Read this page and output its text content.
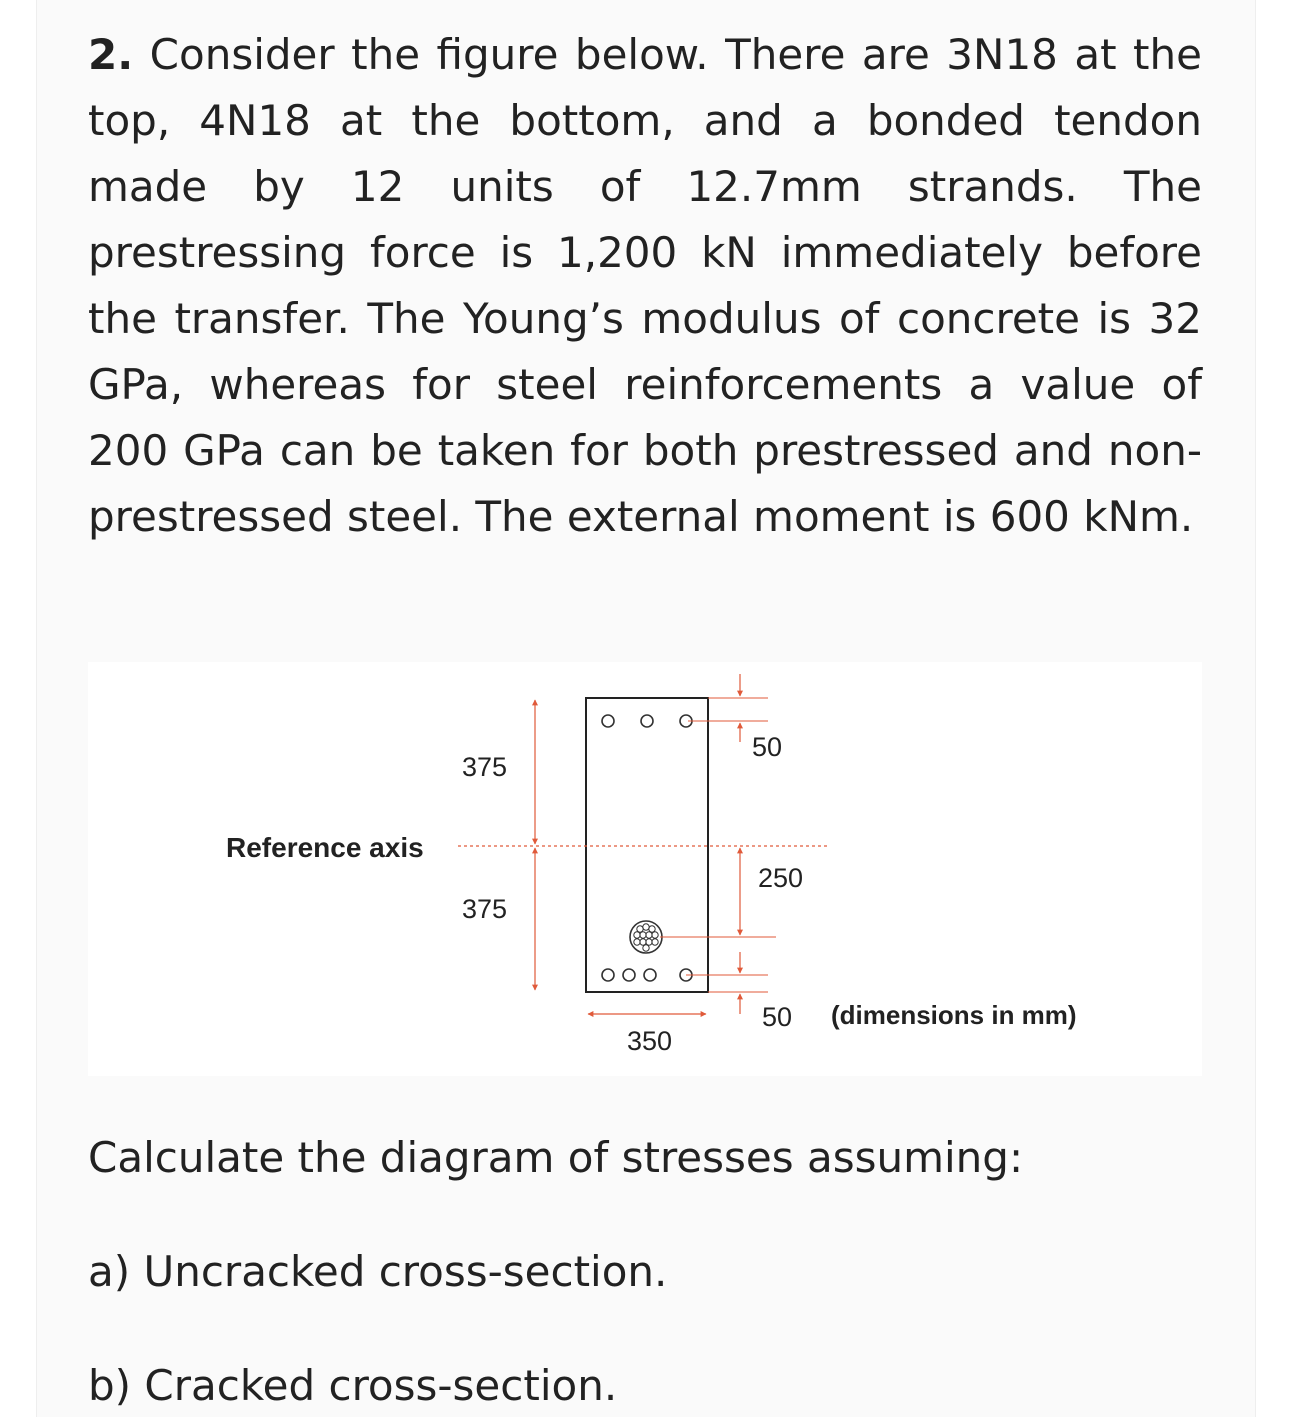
2. Consider the figure below. There are 3N18 at the top, 4N18 at the bottom, and a bonded tendon made by 12 units of 12.7mm strands. The prestressing force is 1,200 kN immediately before the transfer. The Young’s modulus of concrete is 32 GPa, whereas for steel reinforcements a value of 200 GPa can be taken for both prestressed and non-prestressed steel. The external moment is 600 kNm.

Reference axis
375
375
350
50
250
50 (dimensions in mm)

Calculate the diagram of stresses assuming:

a) Uncracked cross-section.

b) Cracked cross-section.
